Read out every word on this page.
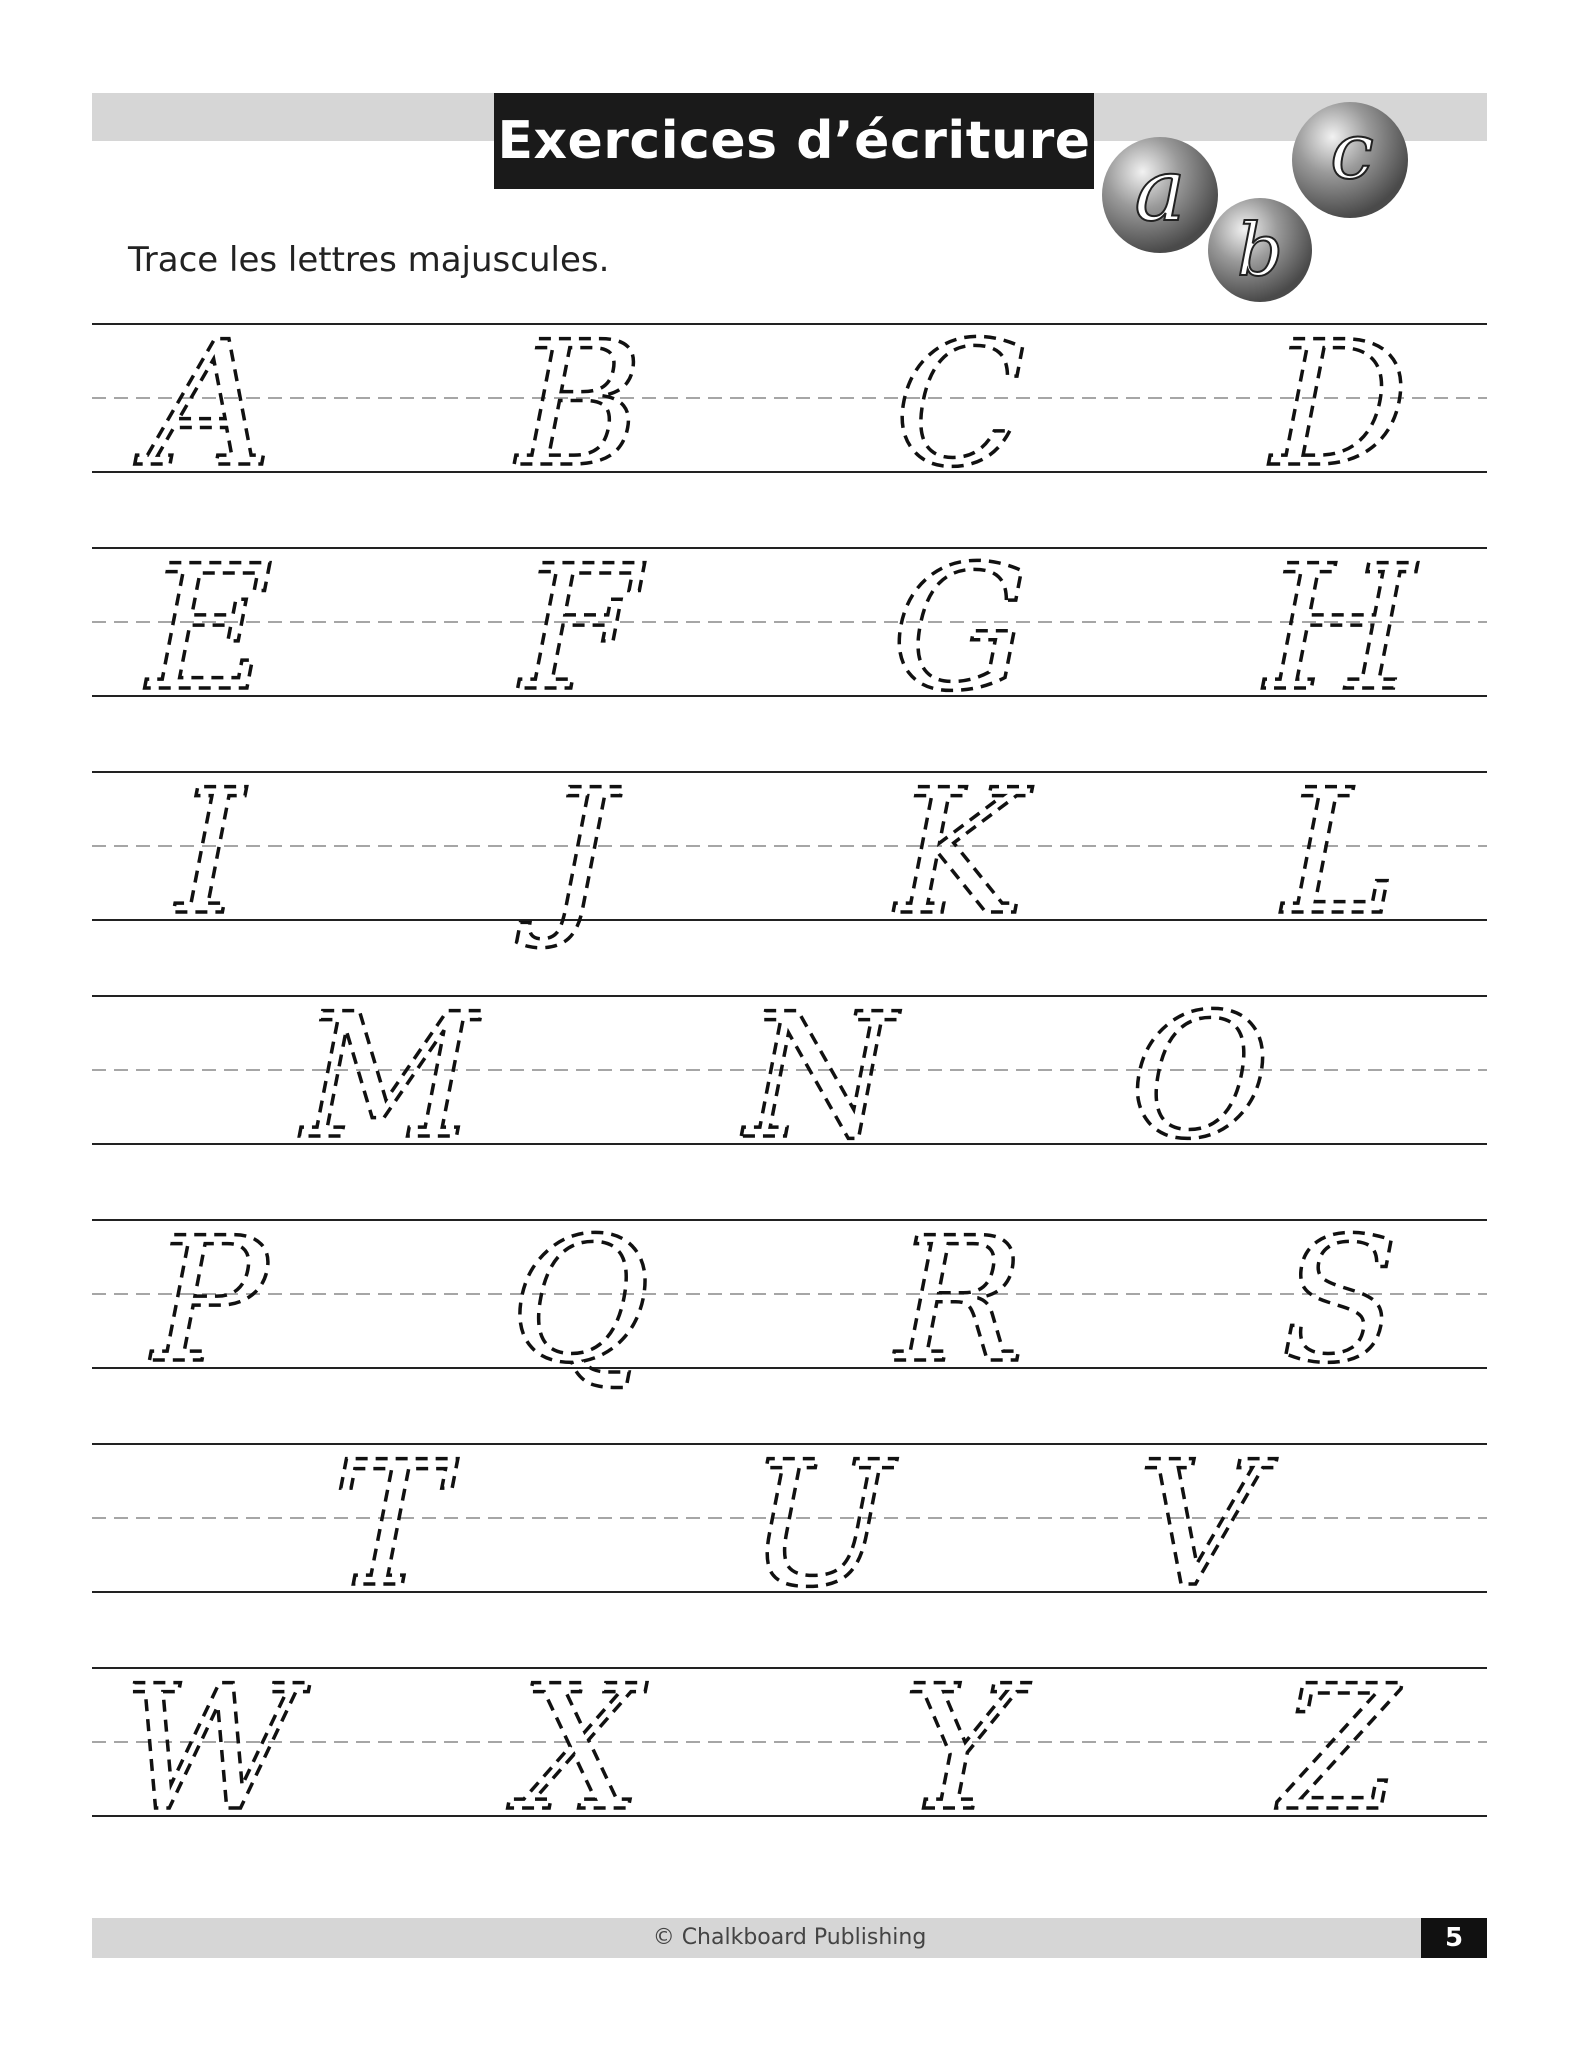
Exercices d’écriture a
b
c
Trace les lettres majuscules.
A B C D
E F G H
I J K L
M N O
P Q R S
T U V
W X Y Z
© Chalkboard Publishing	5
